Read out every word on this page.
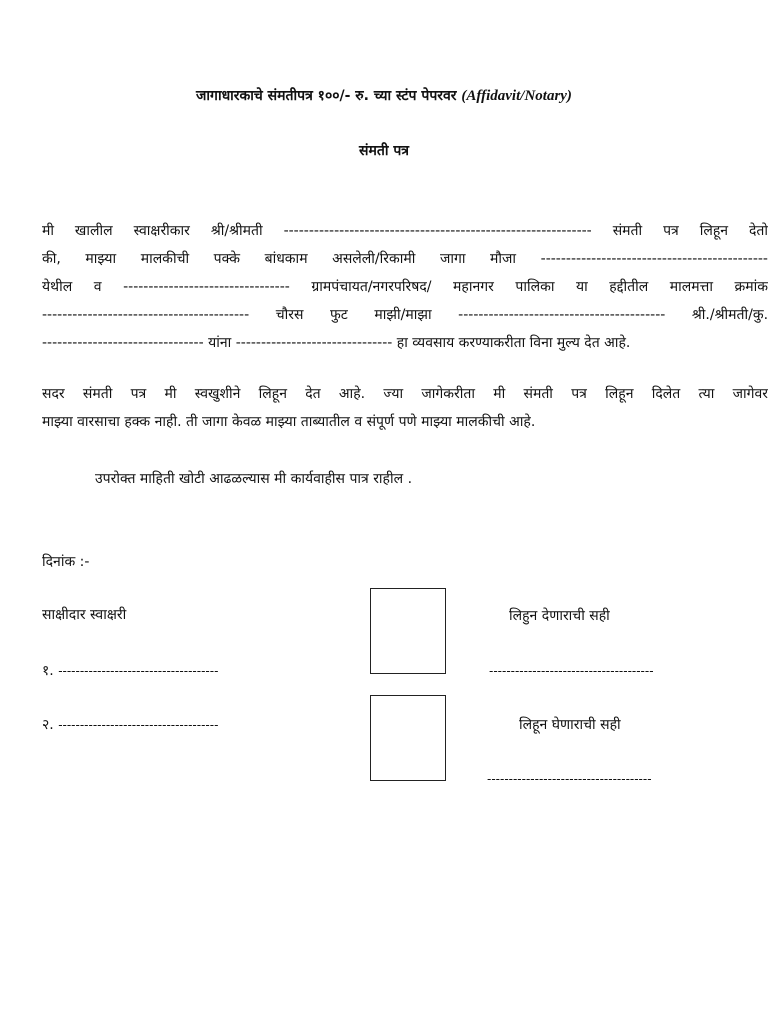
जागाधारकाचे संमतीपत्र १००/- रु. च्या स्टंप पेपरवर (Affidavit/Notary)
संमती पत्र
मी खालील स्वाक्षरीकार श्री/श्रीमती ------------------------------------------------------------- संमती पत्र लिहून देतो
की, माझ्या मालकीची पक्के बांधकाम असलेली/रिकामी जागा मौजा ---------------------------------------------
येथील व --------------------------------- ग्रामपंचायत/नगरपरिषद/ महानगर पालिका या हद्दीतील मालमत्ता क्रमांक
----------------------------------------- चौरस फुट माझी/माझा ----------------------------------------- श्री./श्रीमती/कु.
-------------------------------- यांना ------------------------------- हा व्यवसाय करण्याकरीता विना मुल्य देत आहे.
सदर संमती पत्र मी स्वखुशीने लिहून देत आहे. ज्या जागेकरीता मी संमती पत्र लिहून दिलेत त्या जागेवर
माझ्या वारसाचा हक्क नाही. ती जागा केवळ माझ्या ताब्यातील व संपूर्ण पणे माझ्या मालकीची आहे.
उपरोक्त माहिती खोटी आढळल्यास मी कार्यवाहीस पात्र राहील .
दिनांक :-
साक्षीदार स्वाक्षरी	लिहुन देणाराची सही
१. -------------------------------------	--------------------------------------
२. -------------------------------------	लिहून घेणाराची सही
--------------------------------------
